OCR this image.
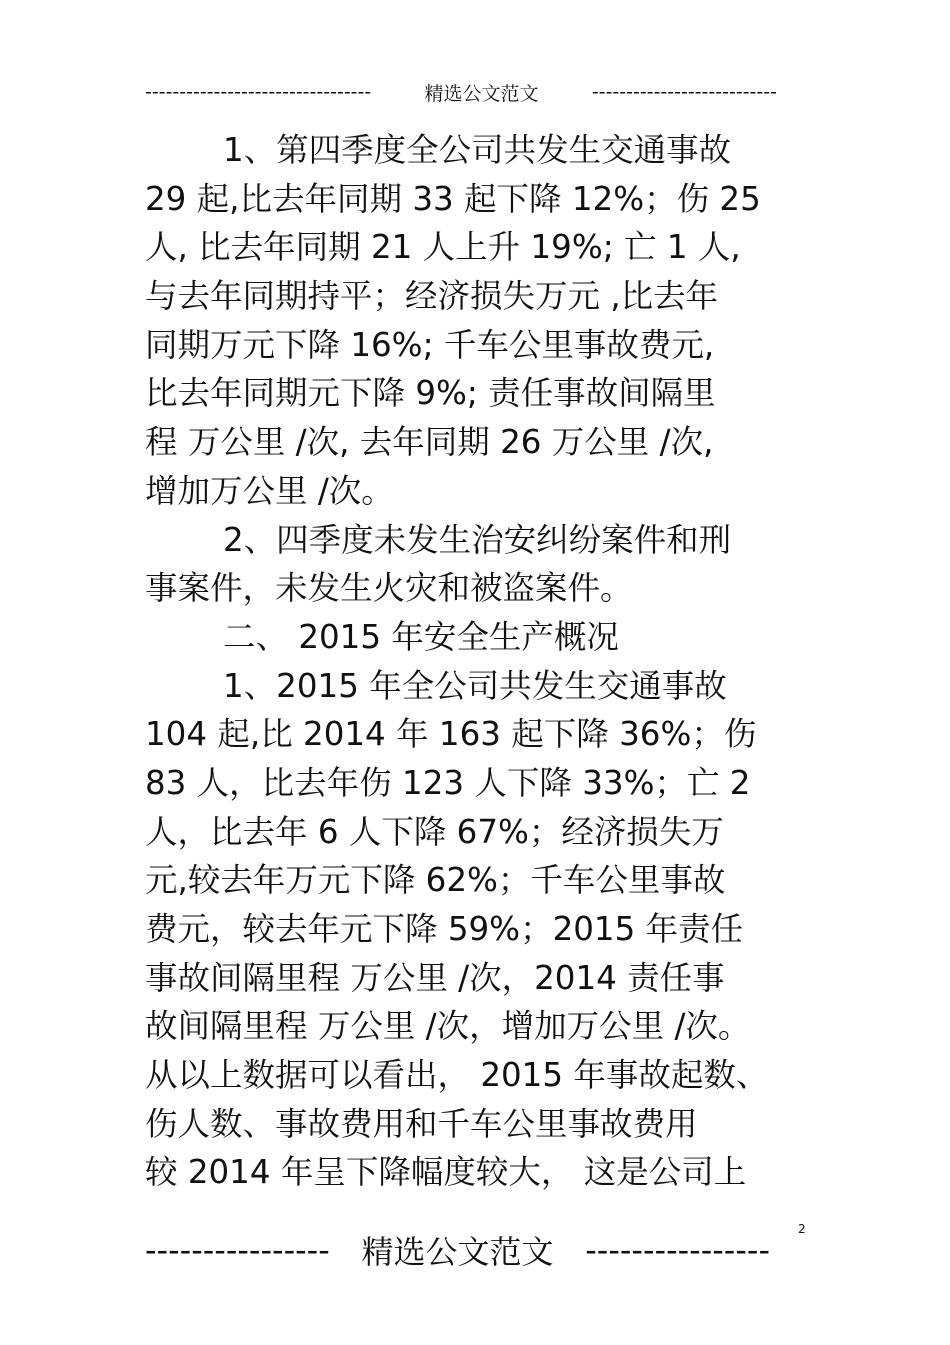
---------------------------------	精选公文范文	---------------------------
1、第四季度全公司共发生交通事故
29 起,比去年同期 33 起下降 12%；伤 25
人, 比去年同期 21 人上升 19%; 亡 1 人,
与去年同期持平；经济损失万元 ,比去年
同期万元下降 16%; 千车公里事故费元,
比去年同期元下降 9%; 责任事故间隔里
程 万公里 /次, 去年同期 26 万公里 /次,
增加万公里 /次。
2、四季度未发生治安纠纷案件和刑
事案件，未发生火灾和被盗案件。
二、 2015 年安全生产概况
1、2015 年全公司共发生交通事故
104 起,比 2014 年 163 起下降 36%；伤
83 人，比去年伤 123 人下降 33%；亡 2
人，比去年 6 人下降 67%；经济损失万
元,较去年万元下降 62%；千车公里事故
费元，较去年元下降 59%；2015 年责任
事故间隔里程 万公里 /次，2014 责任事
故间隔里程 万公里 /次，增加万公里 /次。
从以上数据可以看出， 2015 年事故起数、
伤人数、事故费用和千车公里事故费用
较 2014 年呈下降幅度较大， 这是公司上
2
---------------- 精选公文范文 ----------------
